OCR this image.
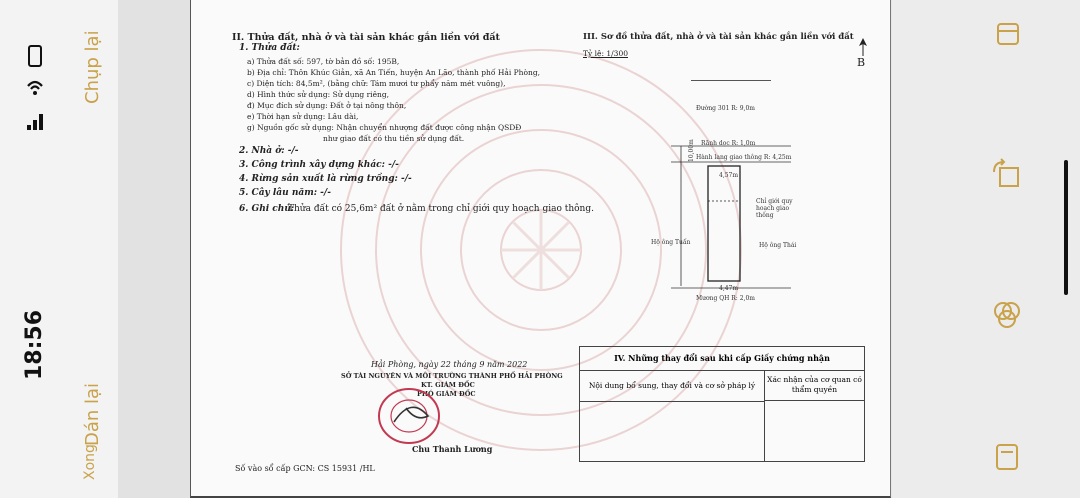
18:56
Chụp lại
Dán lại
Xong
II. Thửa đất, nhà ở và tài sản khác gắn liền với đất
1. Thửa đất:
a) Thửa đất số: 597, tờ bản đồ số: 195B,
b) Địa chỉ: Thôn Khúc Giản, xã An Tiến, huyện An Lão, thành phố Hải Phòng,
c) Diện tích: 84,5m², (bằng chữ: Tám mươi tư phẩy năm mét vuông),
d) Hình thức sử dụng: Sử dụng riêng,
đ) Mục đích sử dụng: Đất ở tại nông thôn,
e) Thời hạn sử dụng: Lâu dài,
g) Nguồn gốc sử dụng: Nhận chuyển nhượng đất được công nhận QSDĐ
như giao đất có thu tiền sử dụng đất.
2. Nhà ở: -/-
3. Công trình xây dựng khác: -/-
4. Rừng sản xuất là rừng trồng: -/-
5. Cây lâu năm: -/-
6. Ghi chú:
Thửa đất có 25,6m² đất ở nằm trong chỉ giới quy hoạch giao thông.
Hải Phòng, ngày 22 tháng 9 năm 2022
SỞ TÀI NGUYÊN VÀ MÔI TRƯỜNG THÀNH PHỐ HẢI PHÒNG
KT. GIÁM ĐỐC
PHÓ GIÁM ĐỐC
Chu Thanh Lương
Số vào sổ cấp GCN: CS 15931 /HL
III. Sơ đồ thửa đất, nhà ở và tài sản khác gắn liền với đất
Tỷ lệ: 1/300
B
Đường 301 R: 9,0m
Rãnh dọc R: 1,0m
Hành lang giao thông R: 4,25m
Chỉ giới quy hoạch giao thông
Hộ ông Tuấn	Hộ ông Thái
Mương QH R: 2,0m
4,57m
4,47m
10,00m
IV. Những thay đổi sau khi cấp Giấy chứng nhận
Nội dung bổ sung, thay đổi và cơ sở pháp lý
Xác nhận của cơ quan có thẩm quyền
